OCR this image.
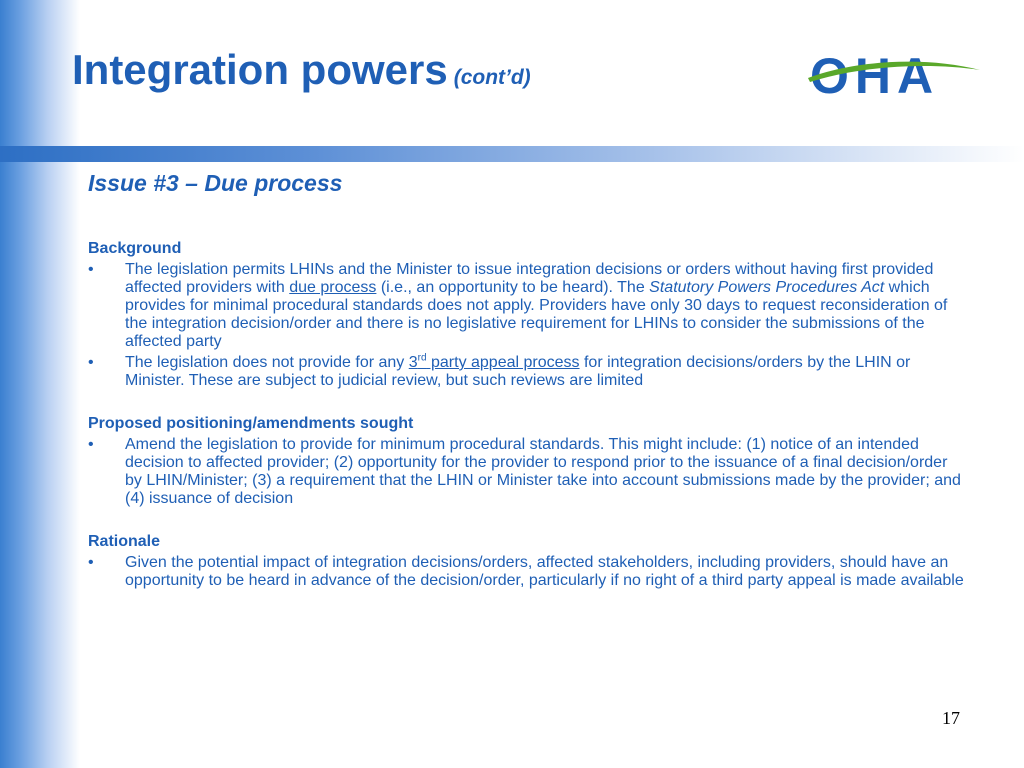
Integration powers (cont’d)	OHA
Issue #3 – Due process
Background
• The legislation permits LHINs and the Minister to issue integration decisions or orders without having first provided affected providers with due process (i.e., an opportunity to be heard). The Statutory Powers Procedures Act which provides for minimal procedural standards does not apply. Providers have only 30 days to request reconsideration of the integration decision/order and there is no legislative requirement for LHINs to consider the submissions of the affected party
• The legislation does not provide for any 3rd party appeal process for integration decisions/orders by the LHIN or Minister. These are subject to judicial review, but such reviews are limited
Proposed positioning/amendments sought
• Amend the legislation to provide for minimum procedural standards. This might include: (1) notice of an intended decision to affected provider; (2) opportunity for the provider to respond prior to the issuance of a final decision/order by LHIN/Minister; (3) a requirement that the LHIN or Minister take into account submissions made by the provider; and (4) issuance of decision
Rationale
• Given the potential impact of integration decisions/orders, affected stakeholders, including providers, should have an opportunity to be heard in advance of the decision/order, particularly if no right of a third party appeal is made available
17
